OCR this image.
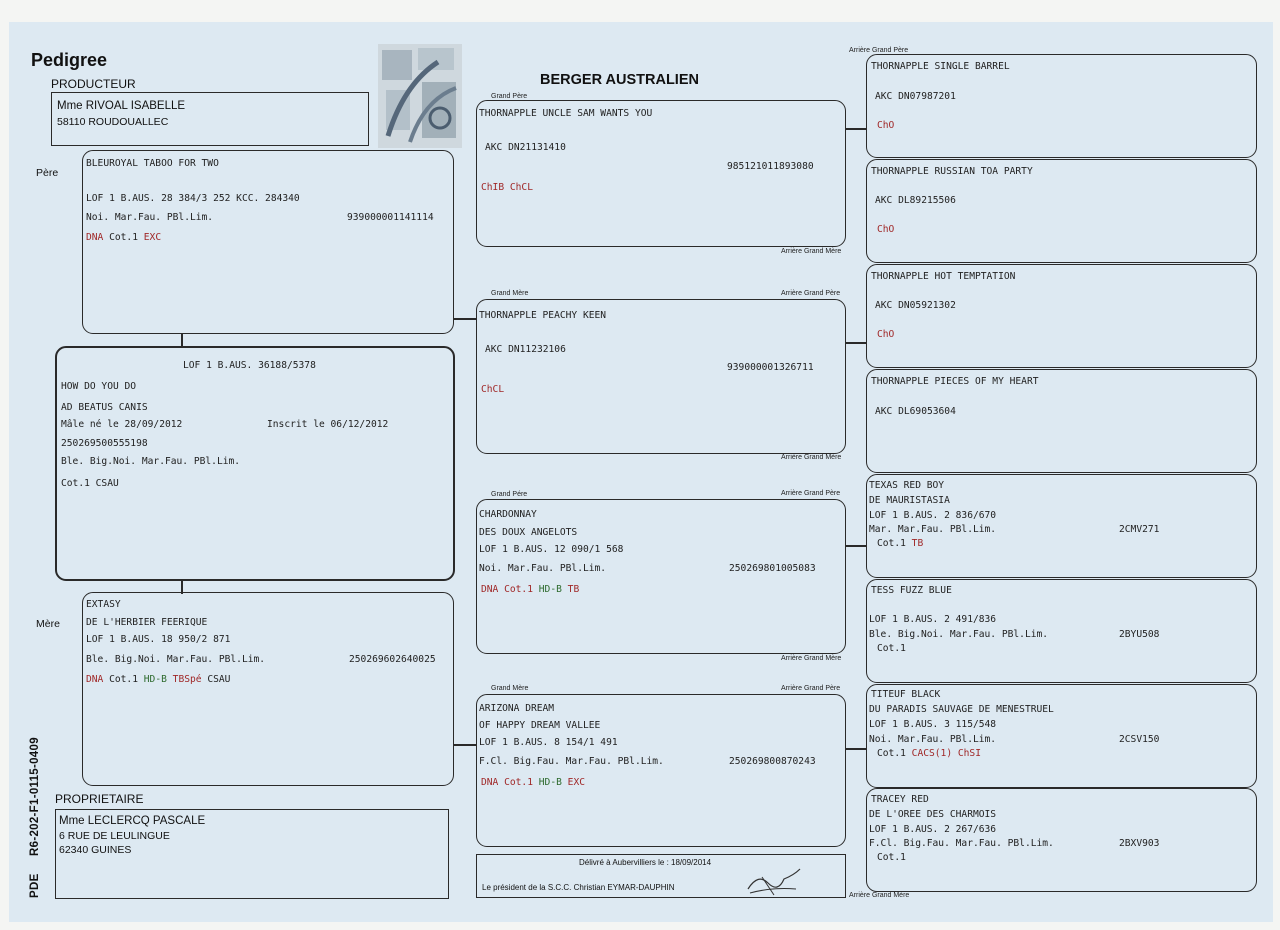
Pedigree
PRODUCTEUR	BERGER AUSTRALIEN
Mme RIVOAL ISABELLE
58110 ROUDOUALLEC
Père
Mère
BLEUROYAL TABOO FOR TWO
LOF 1 B.AUS. 28 384/3 252 KCC. 284340
Noi. Mar.Fau. PBl.Lim.	939000001141114
DNA Cot.1 EXC
LOF 1 B.AUS. 36188/5378
HOW DO YOU DO
AD BEATUS CANIS
Mâle né le 28/09/2012	Inscrit le 06/12/2012
250269500555198
Ble. Big.Noi. Mar.Fau. PBl.Lim.
Cot.1 CSAU
EXTASY
DE L'HERBIER FEERIQUE
LOF 1 B.AUS. 18 950/2 871
Ble. Big.Noi. Mar.Fau. PBl.Lim.	250269602640025
DNA Cot.1 HD-B TBSpé CSAU
PROPRIETAIRE
Mme LECLERCQ PASCALE
6 RUE DE LEULINGUE
62340 GUINES
PDE     R6-202-F1-0115-0409
Grand Père
Arrière Grand Mère
Grand Mère	Arrière Grand Père
Arrière Grand Mère
Grand Pére	Arrière Grand Père
Arrière Grand Mère
Grand Mère	Arrière Grand Père
Arrière Grand Père
Arrière Grand Mère
THORNAPPLE UNCLE SAM WANTS YOU
AKC DN21131410
985121011893080
ChIB ChCL
THORNAPPLE PEACHY KEEN
AKC DN11232106
939000001326711
ChCL
CHARDONNAY
DES DOUX ANGELOTS
LOF 1 B.AUS. 12 090/1 568
Noi. Mar.Fau. PBl.Lim.	250269801005083
DNA Cot.1 HD-B TB
ARIZONA DREAM
OF HAPPY DREAM VALLEE
LOF 1 B.AUS. 8 154/1 491
F.Cl. Big.Fau. Mar.Fau. PBl.Lim.	250269800870243
DNA Cot.1 HD-B EXC
Délivré à Aubervilliers le : 18/09/2014
Le président de la S.C.C. Christian EYMAR-DAUPHIN
THORNAPPLE SINGLE BARREL
AKC DN07987201
ChO
THORNAPPLE RUSSIAN TOA PARTY
AKC DL89215506
ChO
THORNAPPLE HOT TEMPTATION
AKC DN05921302
ChO
THORNAPPLE PIECES OF MY HEART
AKC DL69053604
TEXAS RED BOY
DE MAURISTASIA
LOF 1 B.AUS. 2 836/670
Mar. Mar.Fau. PBl.Lim.	2CMV271
Cot.1 TB
TESS FUZZ BLUE
LOF 1 B.AUS. 2 491/836
Ble. Big.Noi. Mar.Fau. PBl.Lim.	2BYU508
Cot.1
TITEUF BLACK
DU PARADIS SAUVAGE DE MENESTRUEL
LOF 1 B.AUS. 3 115/548
Noi. Mar.Fau. PBl.Lim.	2CSV150
Cot.1 CACS(1) ChSI
TRACEY RED
DE L'OREE DES CHARMOIS
LOF 1 B.AUS. 2 267/636
F.Cl. Big.Fau. Mar.Fau. PBl.Lim.	2BXV903
Cot.1
